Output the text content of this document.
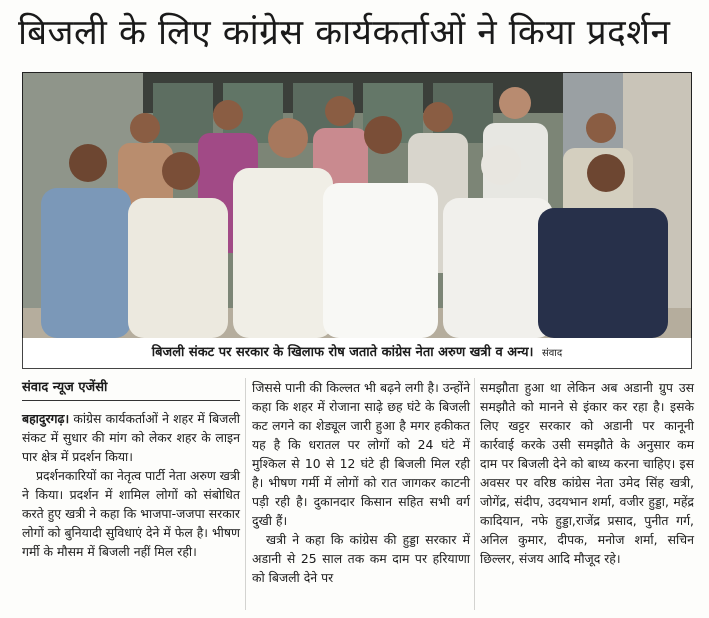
बिजली के लिए कांग्रेस कार्यकर्ताओं ने किया प्रदर्शन
बिजली संकट पर सरकार के खिलाफ रोष जताते कांग्रेस नेता अरुण खत्री व अन्य। संवाद
संवाद न्यूज एजेंसी

बहादुरगढ़। कांग्रेस कार्यकर्ताओं ने शहर में बिजली संकट में सुधार की मांग को लेकर शहर के लाइन पार क्षेत्र में प्रदर्शन किया।

प्रदर्शनकारियों का नेतृत्व पार्टी नेता अरुण खत्री ने किया। प्रदर्शन में शामिल लोगों को संबोधित करते हुए खत्री ने कहा कि भाजपा-जजपा सरकार लोगों को बुनियादी सुविधाएं देने में फेल है। भीषण गर्मी के मौसम में बिजली नहीं मिल रही।

जिससे पानी की किल्लत भी बढ़ने लगी है। उन्होंने कहा कि शहर में रोजाना साढ़े छह घंटे के बिजली कट लगने का शेड्यूल जारी हुआ है मगर हकीकत यह है कि धरातल पर लोगों को 24 घंटे में मुश्किल से 10 से 12 घंटे ही बिजली मिल रही है। भीषण गर्मी में लोगों को रात जागकर काटनी पड़ी रही है। दुकानदार किसान सहित सभी वर्ग दुखी हैं।

खत्री ने कहा कि कांग्रेस की हुड्डा सरकार में अडानी से 25 साल तक कम दाम पर हरियाणा को बिजली देने पर

समझौता हुआ था लेकिन अब अडानी ग्रुप उस समझौते को मानने से इंकार कर रहा है। इसके लिए खट्टर सरकार को अडानी पर कानूनी कार्रवाई करके उसी समझौते के अनुसार कम दाम पर बिजली देने को बाध्य करना चाहिए। इस अवसर पर वरिष्ठ कांग्रेस नेता उमेद सिंह खत्री, जोगेंद्र, संदीप, उदयभान शर्मा, वजीर हुड्डा, महेंद्र कादियान, नफे हुड्डा,राजेंद्र प्रसाद, पुनीत गर्ग, अनिल कुमार, दीपक, मनोज शर्मा, सचिन छिल्लर, संजय आदि मौजूद रहे।
